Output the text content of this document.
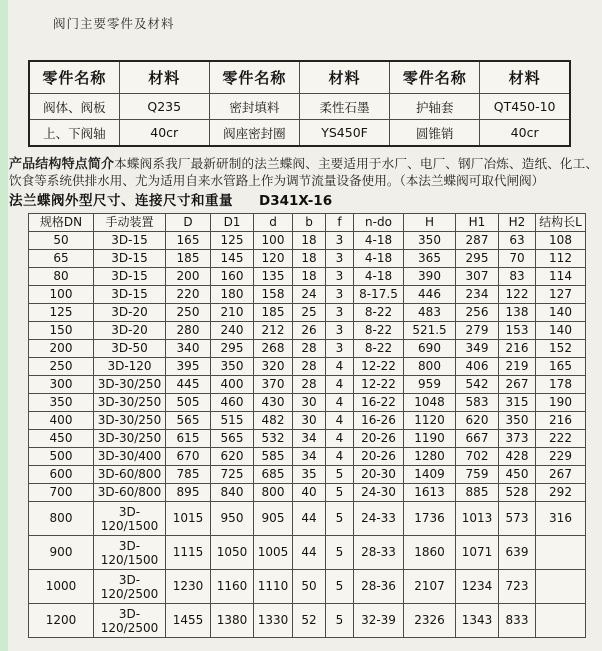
阀门主要零件及材料
零件名称	材料	零件名称	材料	零件名称	材料
阀体、阀板	Q235	密封填料	柔性石墨	护轴套	QT450-10
上、下阀轴	40cr	阀座密封圈	YS450F	圆锥销	40cr
产品结构特点简介本蝶阀系我厂最新研制的法兰蝶阀、主要适用于水厂、电厂、钢厂冶炼、造纸、化工、饮食等系统供排水用、尤为适用自来水管路上作为调节流量设备使用。（本法兰蝶阀可取代闸阀）
法兰蝶阀外型尺寸、连接尺寸和重量 D341X-16
规格DN	手动装置	D	D1	d	b	f	n-do	H	H1	H2	结构长L
50	3D-15	165	125	100	18	3	4-18	350	287	63	108
65	3D-15	185	145	120	18	3	4-18	365	295	70	112
80	3D-15	200	160	135	18	3	4-18	390	307	83	114
100	3D-15	220	180	158	24	3	8-17.5	446	234	122	127
125	3D-20	250	210	185	25	3	8-22	483	256	138	140
150	3D-20	280	240	212	26	3	8-22	521.5	279	153	140
200	3D-50	340	295	268	28	3	8-22	690	349	216	152
250	3D-120	395	350	320	28	4	12-22	800	406	219	165
300	3D-30/250	445	400	370	28	4	12-22	959	542	267	178
350	3D-30/250	505	460	430	30	4	16-22	1048	583	315	190
400	3D-30/250	565	515	482	30	4	16-26	1120	620	350	216
450	3D-30/250	615	565	532	34	4	20-26	1190	667	373	222
500	3D-30/400	670	620	585	34	4	20-26	1280	702	428	229
600	3D-60/800	785	725	685	35	5	20-30	1409	759	450	267
700	3D-60/800	895	840	800	40	5	24-30	1613	885	528	292
800	3D-120/1500	1015	950	905	44	5	24-33	1736	1013	573	316
900	3D-120/1500	1115	1050	1005	44	5	28-33	1860	1071	639	
1000	3D-120/2500	1230	1160	1110	50	5	28-36	2107	1234	723	
1200	3D-120/2500	1455	1380	1330	52	5	32-39	2326	1343	833	
